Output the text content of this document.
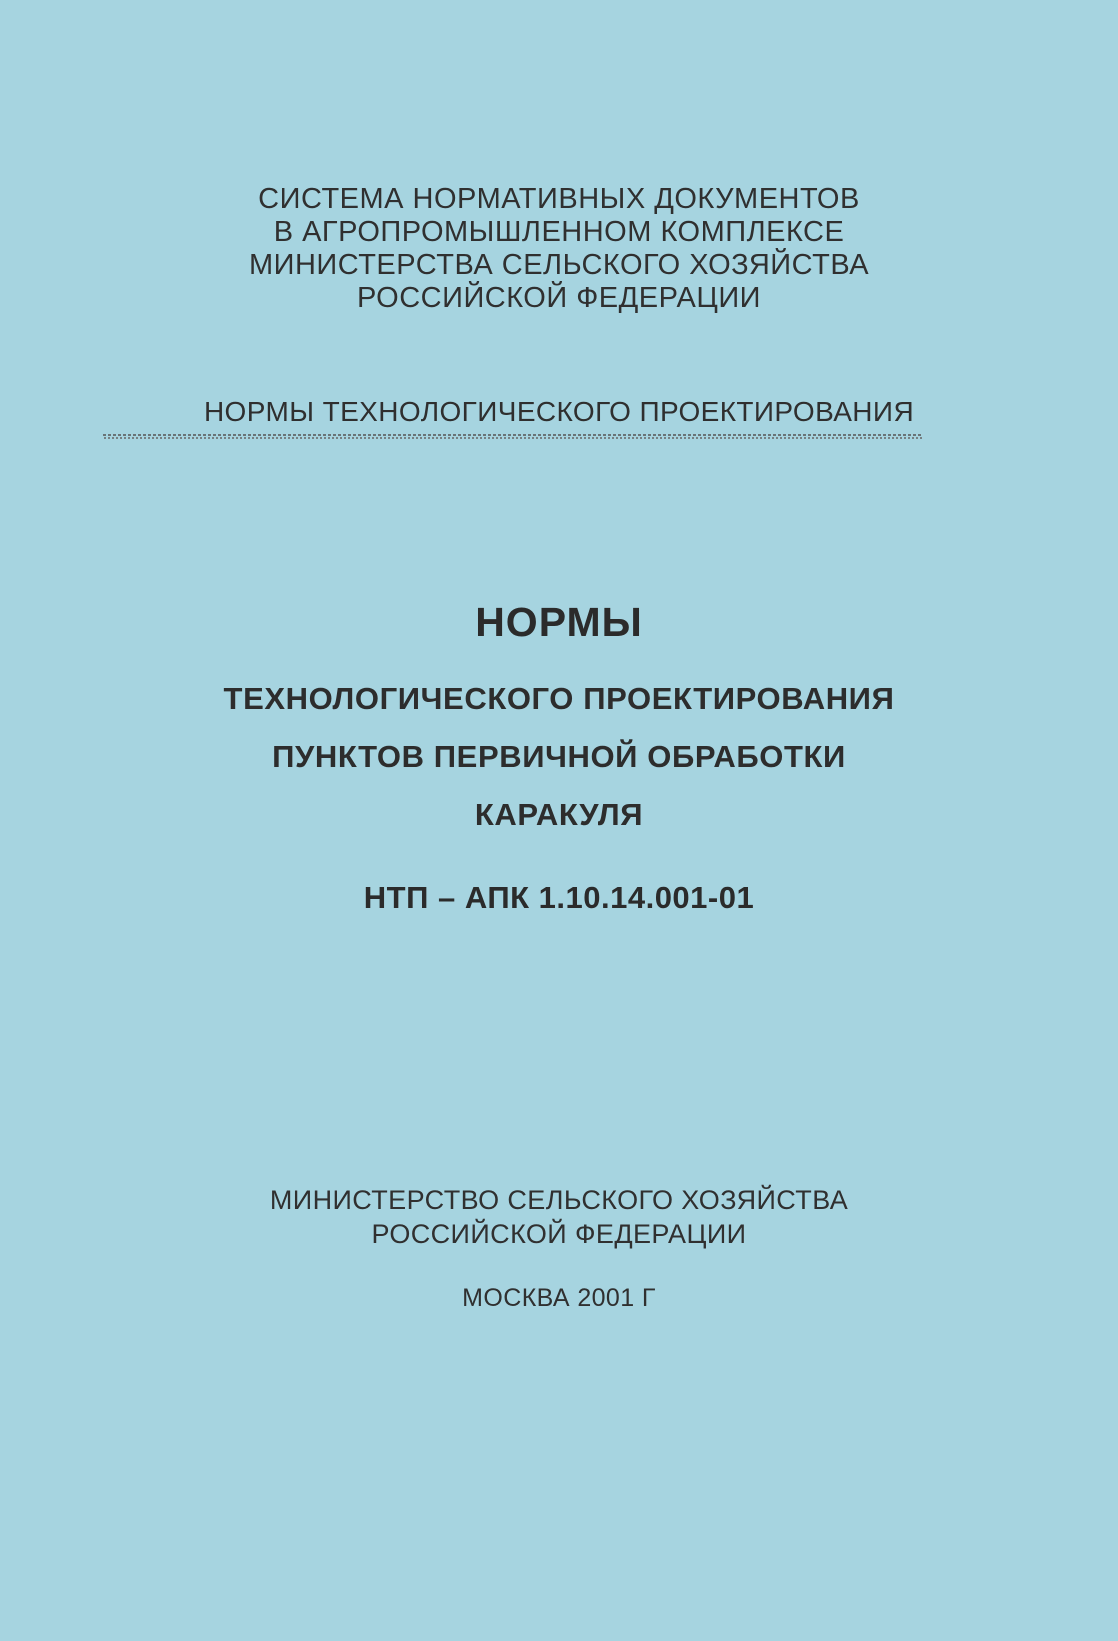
СИСТЕМА НОРМАТИВНЫХ ДОКУМЕНТОВ

В АГРОПРОМЫШЛЕННОМ КОМПЛЕКСЕ

МИНИСТЕРСТВА СЕЛЬСКОГО ХОЗЯЙСТВА

РОССИЙСКОЙ ФЕДЕРАЦИИ

НОРМЫ ТЕХНОЛОГИЧЕСКОГО ПРОЕКТИРОВАНИЯ

НОРМЫ

ТЕХНОЛОГИЧЕСКОГО ПРОЕКТИРОВАНИЯ

ПУНКТОВ ПЕРВИЧНОЙ ОБРАБОТКИ

КАРАКУЛЯ

НТП – АПК 1.10.14.001-01

МИНИСТЕРСТВО СЕЛЬСКОГО ХОЗЯЙСТВА

РОССИЙСКОЙ ФЕДЕРАЦИИ

МОСКВА 2001 Г
